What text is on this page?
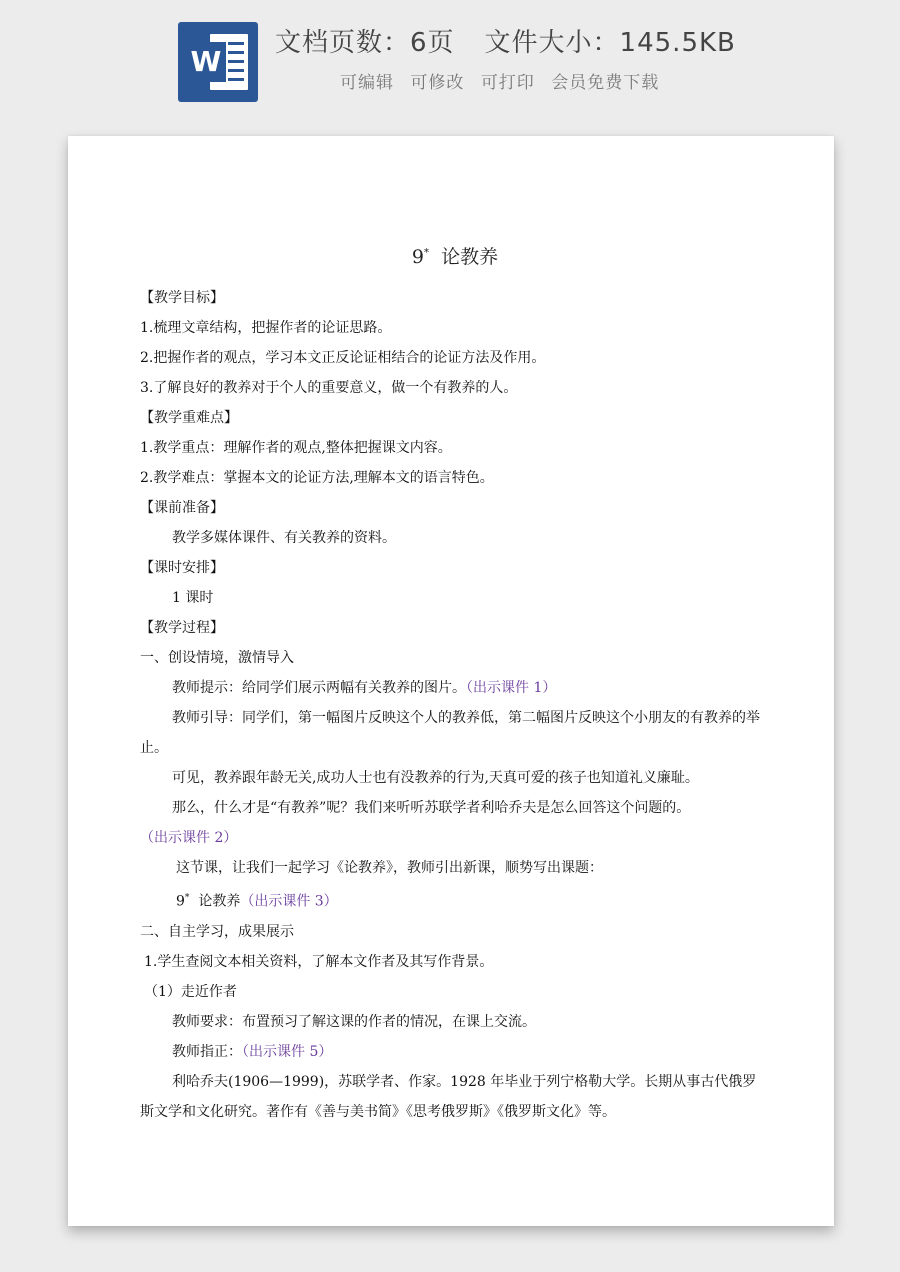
W
文档页数：6页 文件大小：145.5KB
可编辑 可修改 可打印 会员免费下载
9* 论教养

【教学目标】

1.梳理文章结构，把握作者的论证思路。

2.把握作者的观点，学习本文正反论证相结合的论证方法及作用。

3.了解良好的教养对于个人的重要意义，做一个有教养的人。

【教学重难点】

1.教学重点：理解作者的观点,整体把握课文内容。

2.教学难点：掌握本文的论证方法,理解本文的语言特色。

【课前准备】

教学多媒体课件、有关教养的资料。

【课时安排】

1 课时

【教学过程】

一、创设情境，激情导入

教师提示：给同学们展示两幅有关教养的图片。（出示课件 1）

教师引导：同学们，第一幅图片反映这个人的教养低，第二幅图片反映这个小朋友的有教养的举止。

可见，教养跟年龄无关,成功人士也有没教养的行为,天真可爱的孩子也知道礼义廉耻。

那么，什么才是“有教养”呢？我们来听听苏联学者利哈乔夫是怎么回答这个问题的。

（出示课件 2）

这节课，让我们一起学习《论教养》，教师引出新课，顺势写出课题：

9* 论教养（出示课件 3）

二、自主学习，成果展示

1.学生查阅文本相关资料，了解本文作者及其写作背景。

（1）走近作者

教师要求：布置预习了解这课的作者的情况，在课上交流。

教师指正：（出示课件 5）

利哈乔夫(1906—1999)，苏联学者、作家。1928 年毕业于列宁格勒大学。长期从事古代俄罗斯文学和文化研究。著作有《善与美书简》《思考俄罗斯》《俄罗斯文化》等。
